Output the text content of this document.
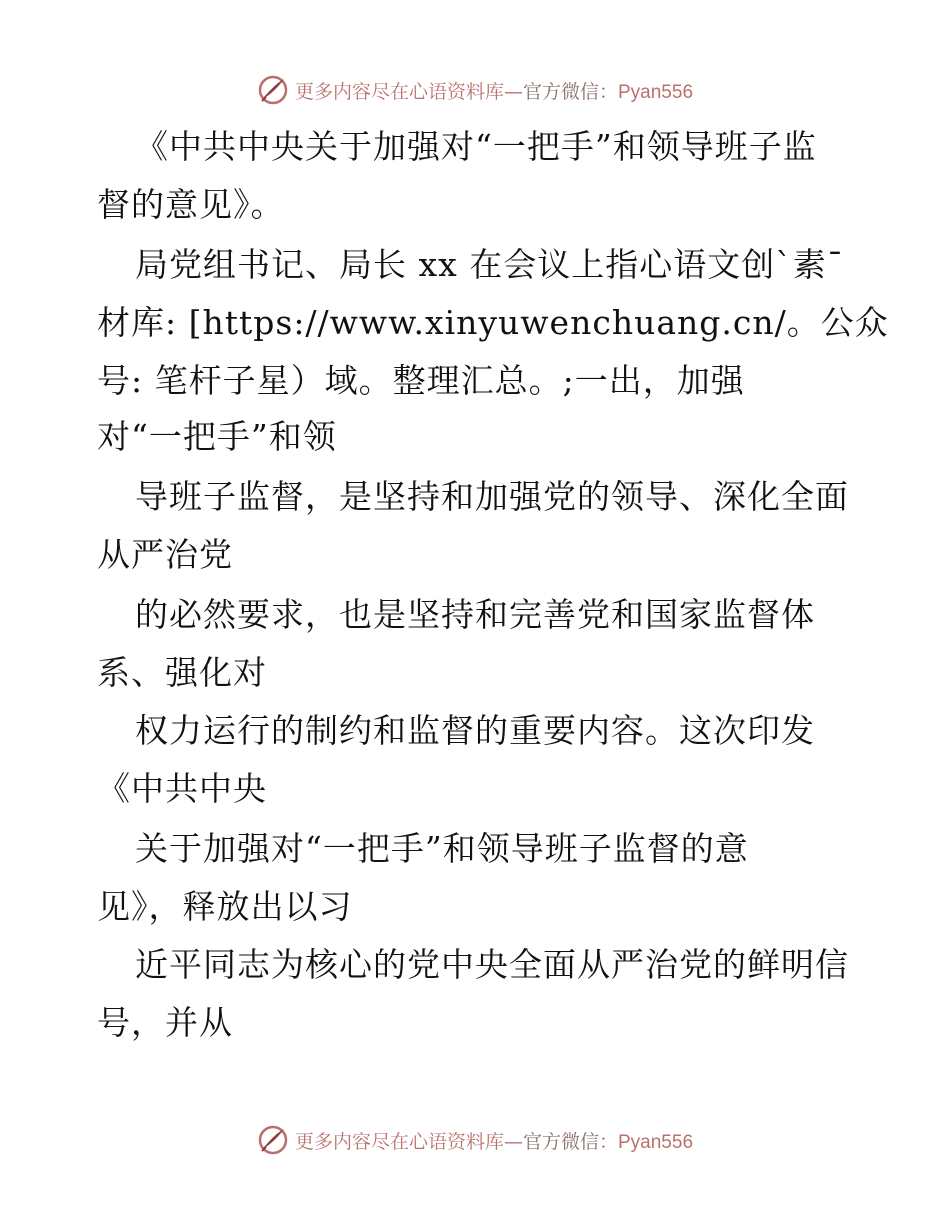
更多内容尽在心语资料库—官方微信：Pyan556
《中共中央关于加强对“一把手”和领导班子监
督的意见》。
局党组书记、局长 xx 在会议上指心语文创`素¯
材库: [https://www.xinyuwenchuang.cn/。公众
号: 笔杆子星）域。整理汇总。;一出，加强
对“一把手”和领
导班子监督，是坚持和加强党的领导、深化全面
从严治党
的必然要求，也是坚持和完善党和国家监督体
系、强化对
权力运行的制约和监督的重要内容。这次印发
《中共中央
关于加强对“一把手”和领导班子监督的意
见》，释放出以习
近平同志为核心的党中央全面从严治党的鲜明信
号，并从
更多内容尽在心语资料库—官方微信：Pyan556
